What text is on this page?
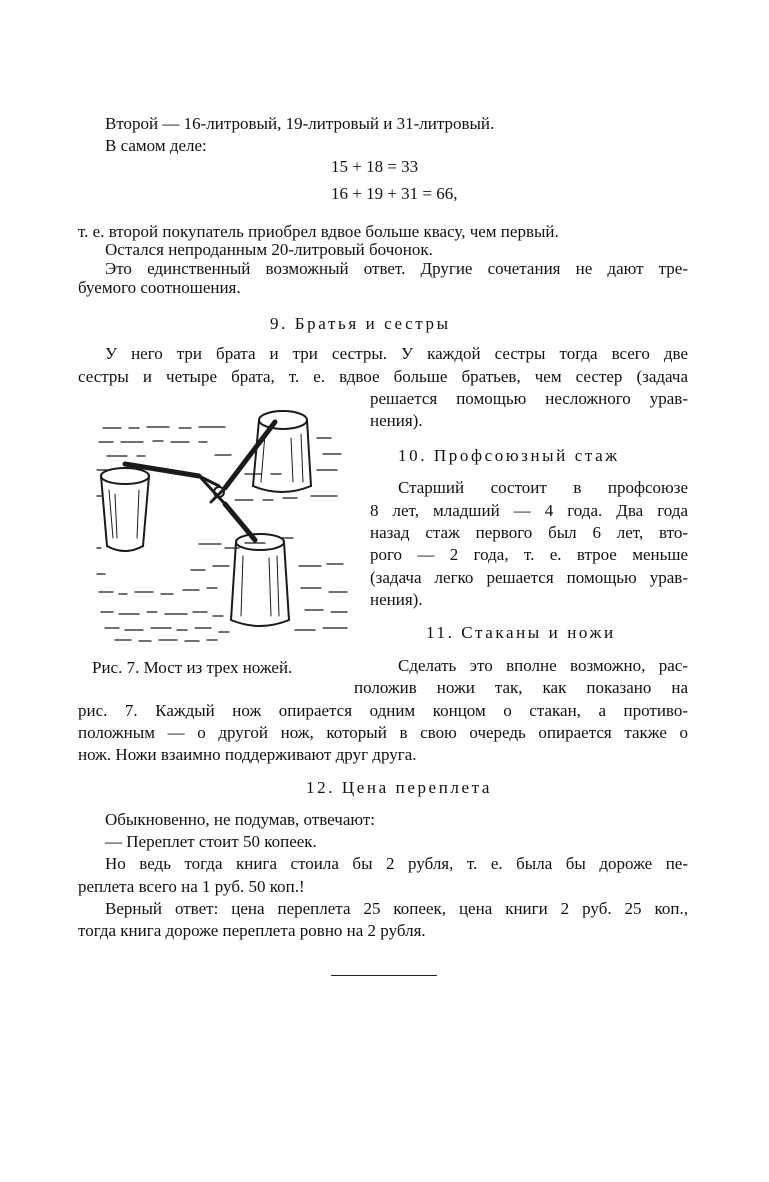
Второй — 16-литровый, 19-литровый и 31-литровый.
В самом деле:
15 + 18 = 33
16 + 19 + 31 = 66,
т. е. второй покупатель приобрел вдвое больше квасу, чем первый.
Остался непроданным 20-литровый бочонок.
Это единственный возможный ответ. Другие сочетания не дают тре-
буемого соотношения.
9. Братья и сестры
У него три брата и три сестры. У каждой сестры тогда всего две
сестры и четыре брата, т. е. вдвое больше братьев, чем сестер (задача
решается помощью несложного урав-
нения).
10. Профсоюзный стаж
Старший состоит в профсоюзе
8 лет, младший — 4 года. Два года
назад стаж первого был 6 лет, вто-
рого — 2 года, т. е. втрое меньше
(задача легко решается помощью урав-
нения).
11. Стаканы и ножи
Сделать это вполне возможно, рас-
положив ножи так, как показано на
рис. 7. Каждый нож опирается одним концом о стакан, а противо-
положным — о другой нож, который в свою очередь опирается также о
нож. Ножи взаимно поддерживают друг друга.
Рис. 7. Мост из трех ножей.
12. Цена переплета
Обыкновенно, не подумав, отвечают:
— Переплет стоит 50 копеек.
Но ведь тогда книга стоила бы 2 рубля, т. е. была бы дороже пе-
реплета всего на 1 руб. 50 коп.!
Верный ответ: цена переплета 25 копеек, цена книги 2 руб. 25 коп.,
тогда книга дороже переплета ровно на 2 рубля.
